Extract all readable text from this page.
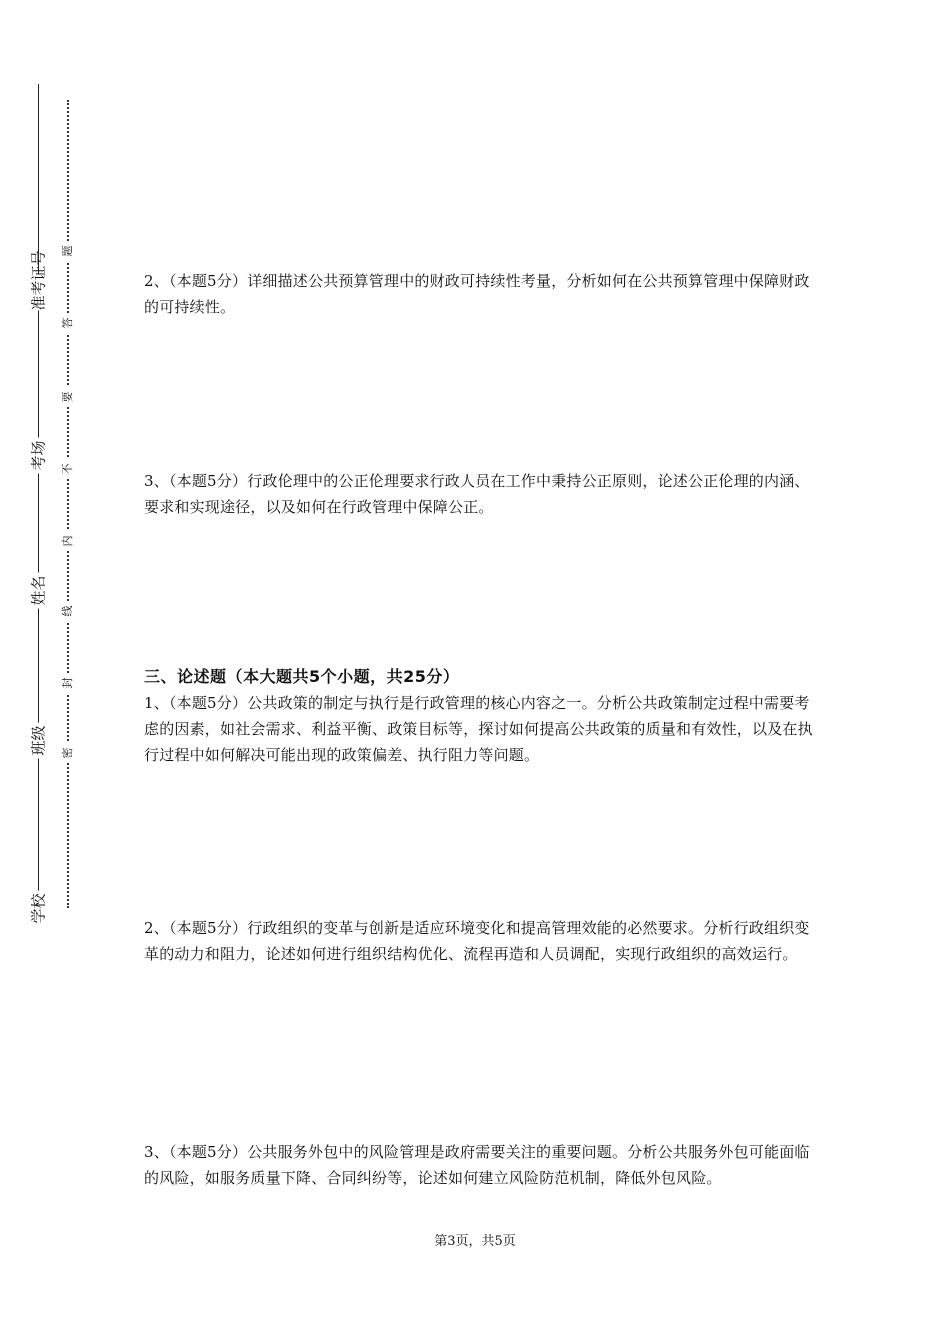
准考证号
考场
姓名
班级
学校
题
答
要
不
内
线
封
密
2、（本题5分）详细描述公共预算管理中的财政可持续性考量，分析如何在公共预算管理中保障财政的可持续性。
3、（本题5分）行政伦理中的公正伦理要求行政人员在工作中秉持公正原则，论述公正伦理的内涵、要求和实现途径，以及如何在行政管理中保障公正。
三、论述题（本大题共5个小题，共25分）
1、（本题5分）公共政策的制定与执行是行政管理的核心内容之一。分析公共政策制定过程中需要考虑的因素，如社会需求、利益平衡、政策目标等，探讨如何提高公共政策的质量和有效性，以及在执行过程中如何解决可能出现的政策偏差、执行阻力等问题。
2、（本题5分）行政组织的变革与创新是适应环境变化和提高管理效能的必然要求。分析行政组织变革的动力和阻力，论述如何进行组织结构优化、流程再造和人员调配，实现行政组织的高效运行。
3、（本题5分）公共服务外包中的风险管理是政府需要关注的重要问题。分析公共服务外包可能面临的风险，如服务质量下降、合同纠纷等，论述如何建立风险防范机制，降低外包风险。
第3页，共5页
